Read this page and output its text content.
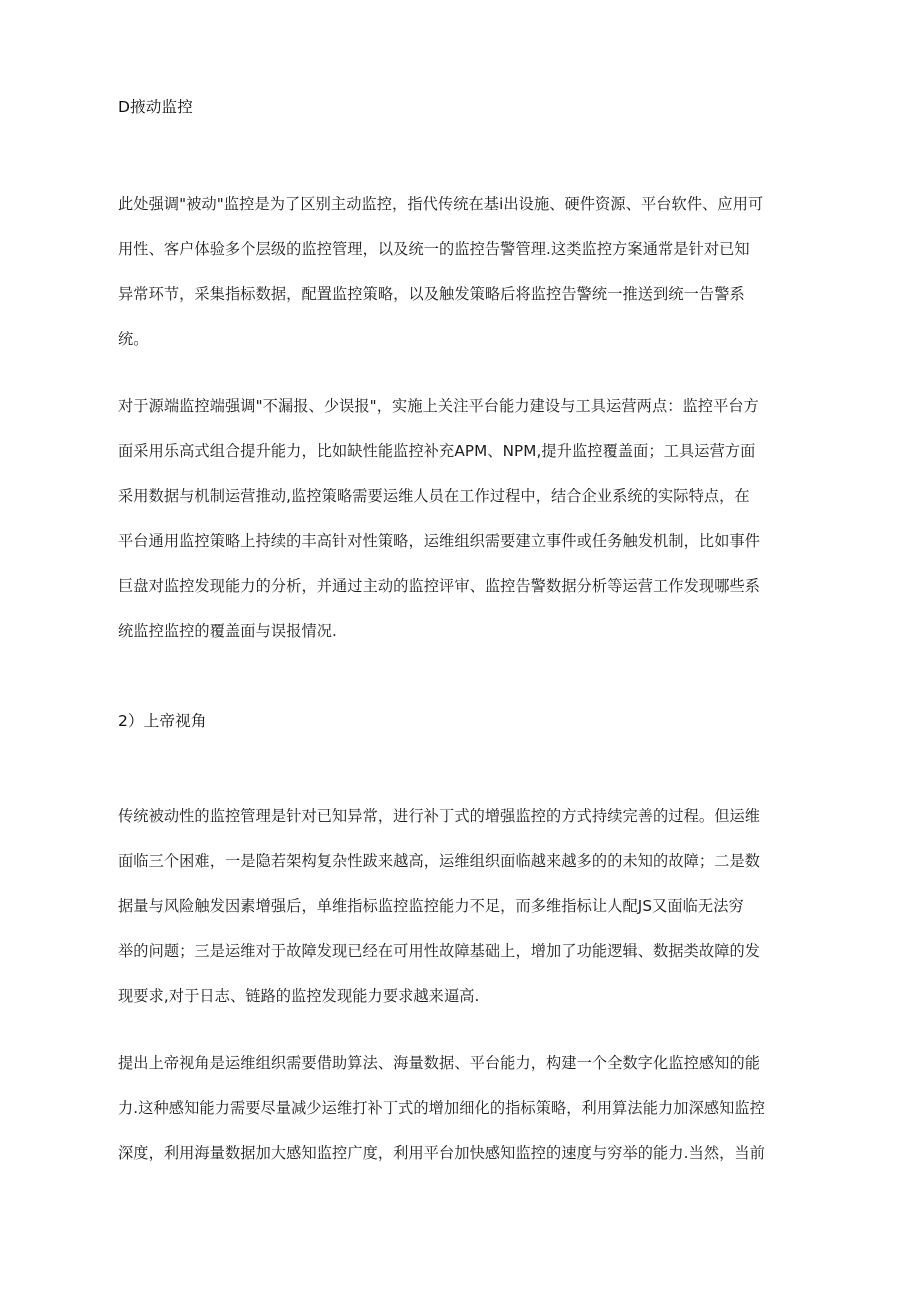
D掖动监控

此处强调"被动"监控是为了区别主动监控，指代传统在基i出设施、硬件资源、平台软件、应用可
用性、客户体验多个层级的监控管理，以及统一的监控告警管理.这类监控方案通常是针对已知
异常环节，采集指标数据，配置监控策略，以及触发策略后将监控告警统一推送到统一告警系
统。

对于源端监控端强调"不漏报、少误报"，实施上关注平台能力建设与工具运营两点：监控平台方
面采用乐高式组合提升能力，比如缺性能监控补充APM、NPM,提升监控覆盖面；工具运营方面
采用数据与机制运营推动,监控策略需要运维人员在工作过程中，结合企业系统的实际特点，在
平台通用监控策略上持续的丰高针对性策略，运维组织需要建立事件或任务触发机制，比如事件
巨盘对监控发现能力的分析，并通过主动的监控评审、监控告警数据分析等运营工作发现哪些系
统监控监控的覆盖面与误报情况.

2）上帝视角

传统被动性的监控管理是针对已知异常，进行补丁式的增强监控的方式持续完善的过程。但运维
面临三个困难，一是隐若架构复杂性跋来越高，运维组织面临越来越多的的未知的故障；二是数
据量与风险触发因素增强后，单维指标监控监控能力不足，而多维指标让人配JS又面临无法穷
举的问题；三是运维对于故障发现已经在可用性故障基础上，增加了功能逻辑、数据类故障的发
现要求,对于日志、链路的监控发现能力要求越来逼高.

提出上帝视角是运维组织需要借助算法、海量数据、平台能力，构建一个全数字化监控感知的能
力.这种感知能力需要尽量减少运维打补丁式的增加细化的指标策略，利用算法能力加深感知监控
深度，利用海量数据加大感知监控广度，利用平台加快感知监控的速度与穷举的能力.当然，当前
